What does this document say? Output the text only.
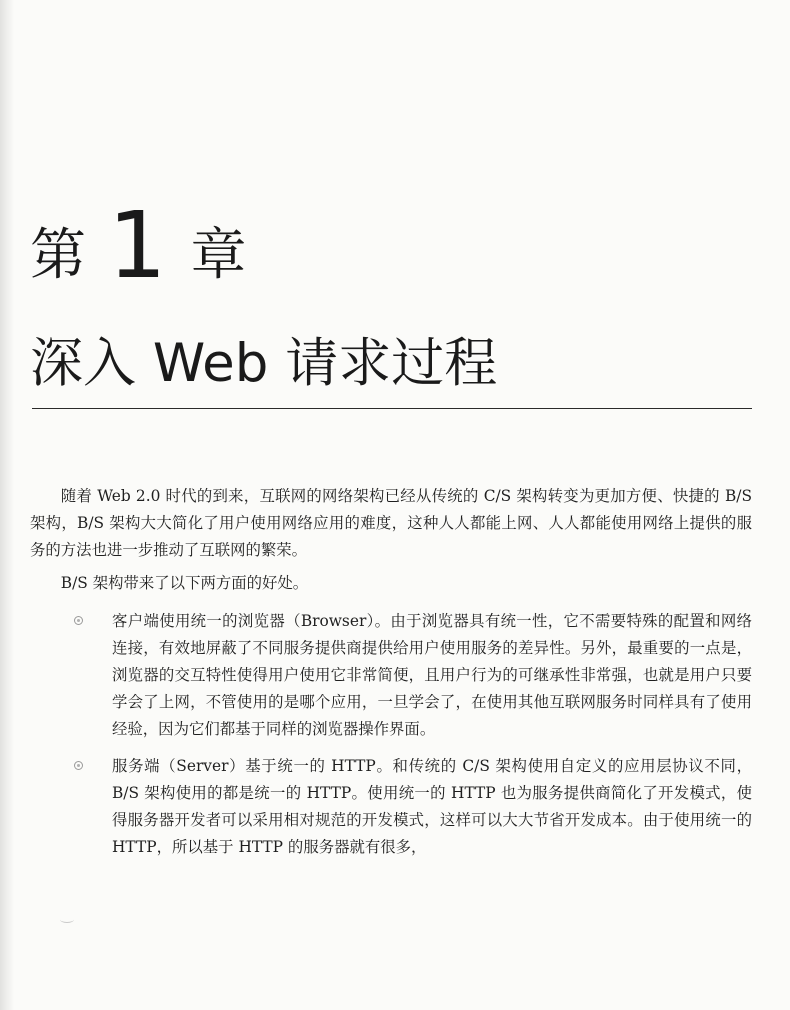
第 1 章
深入 Web 请求过程

随着 Web 2.0 时代的到来，互联网的网络架构已经从传统的 C/S 架构转变为更加方便、快捷的 B/S 架构，B/S 架构大大简化了用户使用网络应用的难度，这种人人都能上网、人人都能使用网络上提供的服务的方法也进一步推动了互联网的繁荣。

B/S 架构带来了以下两方面的好处。

客户端使用统一的浏览器（Browser）。由于浏览器具有统一性，它不需要特殊的配置和网络连接，有效地屏蔽了不同服务提供商提供给用户使用服务的差异性。另外，最重要的一点是，浏览器的交互特性使得用户使用它非常简便，且用户行为的可继承性非常强，也就是用户只要学会了上网，不管使用的是哪个应用，一旦学会了，在使用其他互联网服务时同样具有了使用经验，因为它们都基于同样的浏览器操作界面。
服务端（Server）基于统一的 HTTP。和传统的 C/S 架构使用自定义的应用层协议不同，B/S 架构使用的都是统一的 HTTP。使用统一的 HTTP 也为服务提供商简化了开发模式，使得服务器开发者可以采用相对规范的开发模式，这样可以大大节省开发成本。由于使用统一的 HTTP，所以基于 HTTP 的服务器就有很多，
